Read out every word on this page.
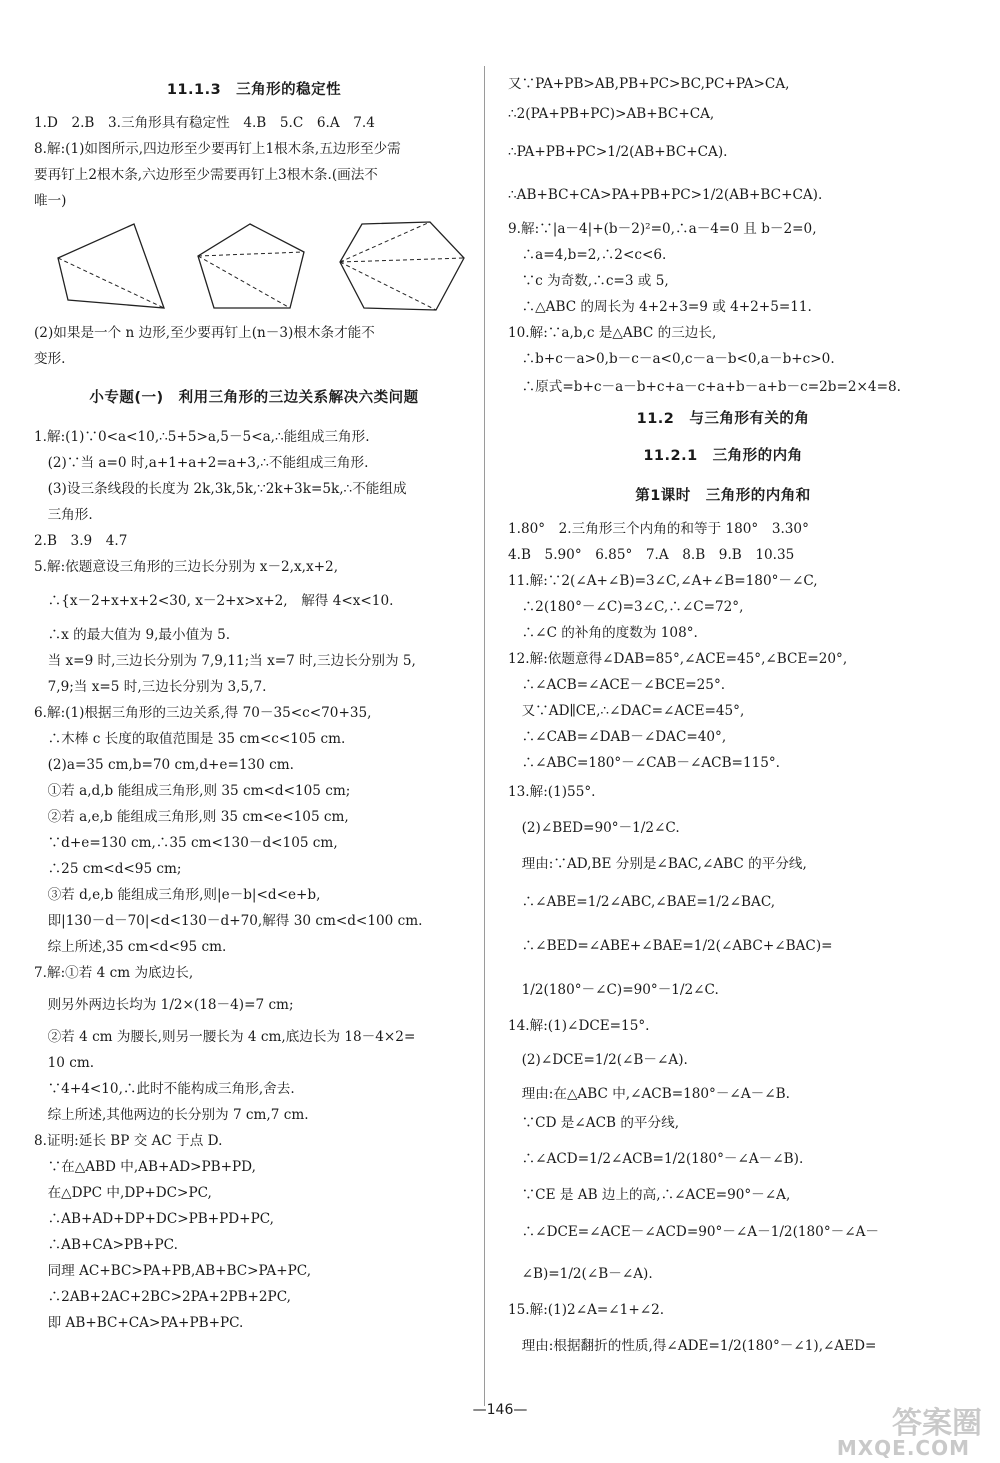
11.1.3　三角形的稳定性
1.D　2.B　3.三角形具有稳定性　4.B　5.C　6.A　7.4
8.解:(1)如图所示,四边形至少要再钉上1根木条,五边形至少需
要再钉上2根木条,六边形至少需要再钉上3根木条.(画法不
唯一)
(2)如果是一个 n 边形,至少要再钉上(n－3)根木条才能不
变形.
小专题(一)　利用三角形的三边关系解决六类问题
1.解:(1)∵0<a<10,∴5+5>a,5－5<a,∴能组成三角形.
　(2)∵当 a=0 时,a+1+a+2=a+3,∴不能组成三角形.
　(3)设三条线段的长度为 2k,3k,5k,∵2k+3k=5k,∴不能组成
　三角形.
2.B　3.9　4.7
5.解:依题意设三角形的三边长分别为 x－2,x,x+2,
　∴{x－2+x+x+2<30, x－2+x>x+2,　解得 4<x<10.
　∴x 的最大值为 9,最小值为 5.
　当 x=9 时,三边长分别为 7,9,11;当 x=7 时,三边长分别为 5,
　7,9;当 x=5 时,三边长分别为 3,5,7.
6.解:(1)根据三角形的三边关系,得 70－35<c<70+35,
　∴木棒 c 长度的取值范围是 35 cm<c<105 cm.
　(2)a=35 cm,b=70 cm,d+e=130 cm.
　①若 a,d,b 能组成三角形,则 35 cm<d<105 cm;
　②若 a,e,b 能组成三角形,则 35 cm<e<105 cm,
　∵d+e=130 cm,∴35 cm<130－d<105 cm,
　∴25 cm<d<95 cm;
　③若 d,e,b 能组成三角形,则|e－b|<d<e+b,
　即|130－d－70|<d<130－d+70,解得 30 cm<d<100 cm.
　综上所述,35 cm<d<95 cm.
7.解:①若 4 cm 为底边长,
　则另外两边长均为 1/2×(18－4)=7 cm;
　②若 4 cm 为腰长,则另一腰长为 4 cm,底边长为 18－4×2=
　10 cm.
　∵4+4<10,∴此时不能构成三角形,舍去.
　综上所述,其他两边的长分别为 7 cm,7 cm.
8.证明:延长 BP 交 AC 于点 D.
　∵在△ABD 中,AB+AD>PB+PD,
　在△DPC 中,DP+DC>PC,
　∴AB+AD+DP+DC>PB+PD+PC,
　∴AB+CA>PB+PC.
　同理 AC+BC>PA+PB,AB+BC>PA+PC,
　∴2AB+2AC+2BC>2PA+2PB+2PC,
　即 AB+BC+CA>PA+PB+PC.
又∵PA+PB>AB,PB+PC>BC,PC+PA>CA,
∴2(PA+PB+PC)>AB+BC+CA,
∴PA+PB+PC>1/2(AB+BC+CA).
∴AB+BC+CA>PA+PB+PC>1/2(AB+BC+CA).
9.解:∵|a－4|+(b－2)²=0,∴a－4=0 且 b－2=0,
　∴a=4,b=2,∴2<c<6.
　∵c 为奇数,∴c=3 或 5,
　∴△ABC 的周长为 4+2+3=9 或 4+2+5=11.
10.解:∵a,b,c 是△ABC 的三边长,
　∴b+c－a>0,b－c－a<0,c－a－b<0,a－b+c>0.
　∴原式=b+c－a－b+c+a－c+a+b－a+b－c=2b=2×4=8.
11.2　与三角形有关的角
11.2.1　三角形的内角
第1课时　三角形的内角和
1.80°　2.三角形三个内角的和等于 180°　3.30°
4.B　5.90°　6.85°　7.A　8.B　9.B　10.35
11.解:∵2(∠A+∠B)=3∠C,∠A+∠B=180°－∠C,
　∴2(180°－∠C)=3∠C,∴∠C=72°,
　∴∠C 的补角的度数为 108°.
12.解:依题意得∠DAB=85°,∠ACE=45°,∠BCE=20°,
　∴∠ACB=∠ACE－∠BCE=25°.
　又∵AD∥CE,∴∠DAC=∠ACE=45°,
　∴∠CAB=∠DAB－∠DAC=40°,
　∴∠ABC=180°－∠CAB－∠ACB=115°.
13.解:(1)55°.
　(2)∠BED=90°－1/2∠C.
　理由:∵AD,BE 分别是∠BAC,∠ABC 的平分线,
　∴∠ABE=1/2∠ABC,∠BAE=1/2∠BAC,
　∴∠BED=∠ABE+∠BAE=1/2(∠ABC+∠BAC)=
　1/2(180°－∠C)=90°－1/2∠C.
14.解:(1)∠DCE=15°.
　(2)∠DCE=1/2(∠B－∠A).
　理由:在△ABC 中,∠ACB=180°－∠A－∠B.
　∵CD 是∠ACB 的平分线,
　∴∠ACD=1/2∠ACB=1/2(180°－∠A－∠B).
　∵CE 是 AB 边上的高,∴∠ACE=90°－∠A,
　∴∠DCE=∠ACE－∠ACD=90°－∠A－1/2(180°－∠A－
　∠B)=1/2(∠B－∠A).
15.解:(1)2∠A=∠1+∠2.
　理由:根据翻折的性质,得∠ADE=1/2(180°－∠1),∠AED=
—146—	答案圈
MXQE.COM
